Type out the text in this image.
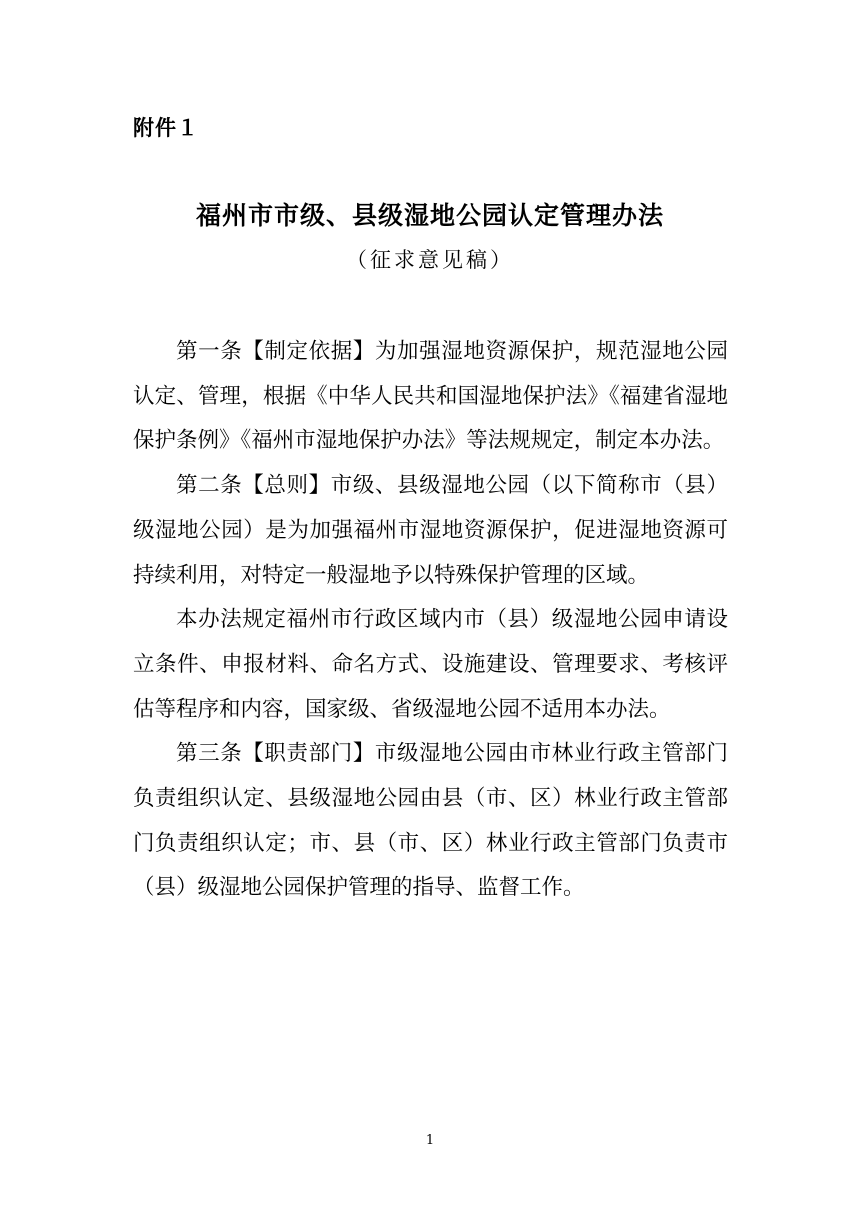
附件１
福州市市级、县级湿地公园认定管理办法
（征求意见稿）

第一条【制定依据】为加强湿地资源保护，规范湿地公园认定、管理，根据《中华人民共和国湿地保护法》《福建省湿地保护条例》《福州市湿地保护办法》等法规规定，制定本办法。

第二条【总则】市级、县级湿地公园（以下简称市（县）级湿地公园）是为加强福州市湿地资源保护，促进湿地资源可持续利用，对特定一般湿地予以特殊保护管理的区域。

本办法规定福州市行政区域内市（县）级湿地公园申请设立条件、申报材料、命名方式、设施建设、管理要求、考核评估等程序和内容，国家级、省级湿地公园不适用本办法。

第三条【职责部门】市级湿地公园由市林业行政主管部门负责组织认定、县级湿地公园由县（市、区）林业行政主管部门负责组织认定；市、县（市、区）林业行政主管部门负责市（县）级湿地公园保护管理的指导、监督工作。

1
